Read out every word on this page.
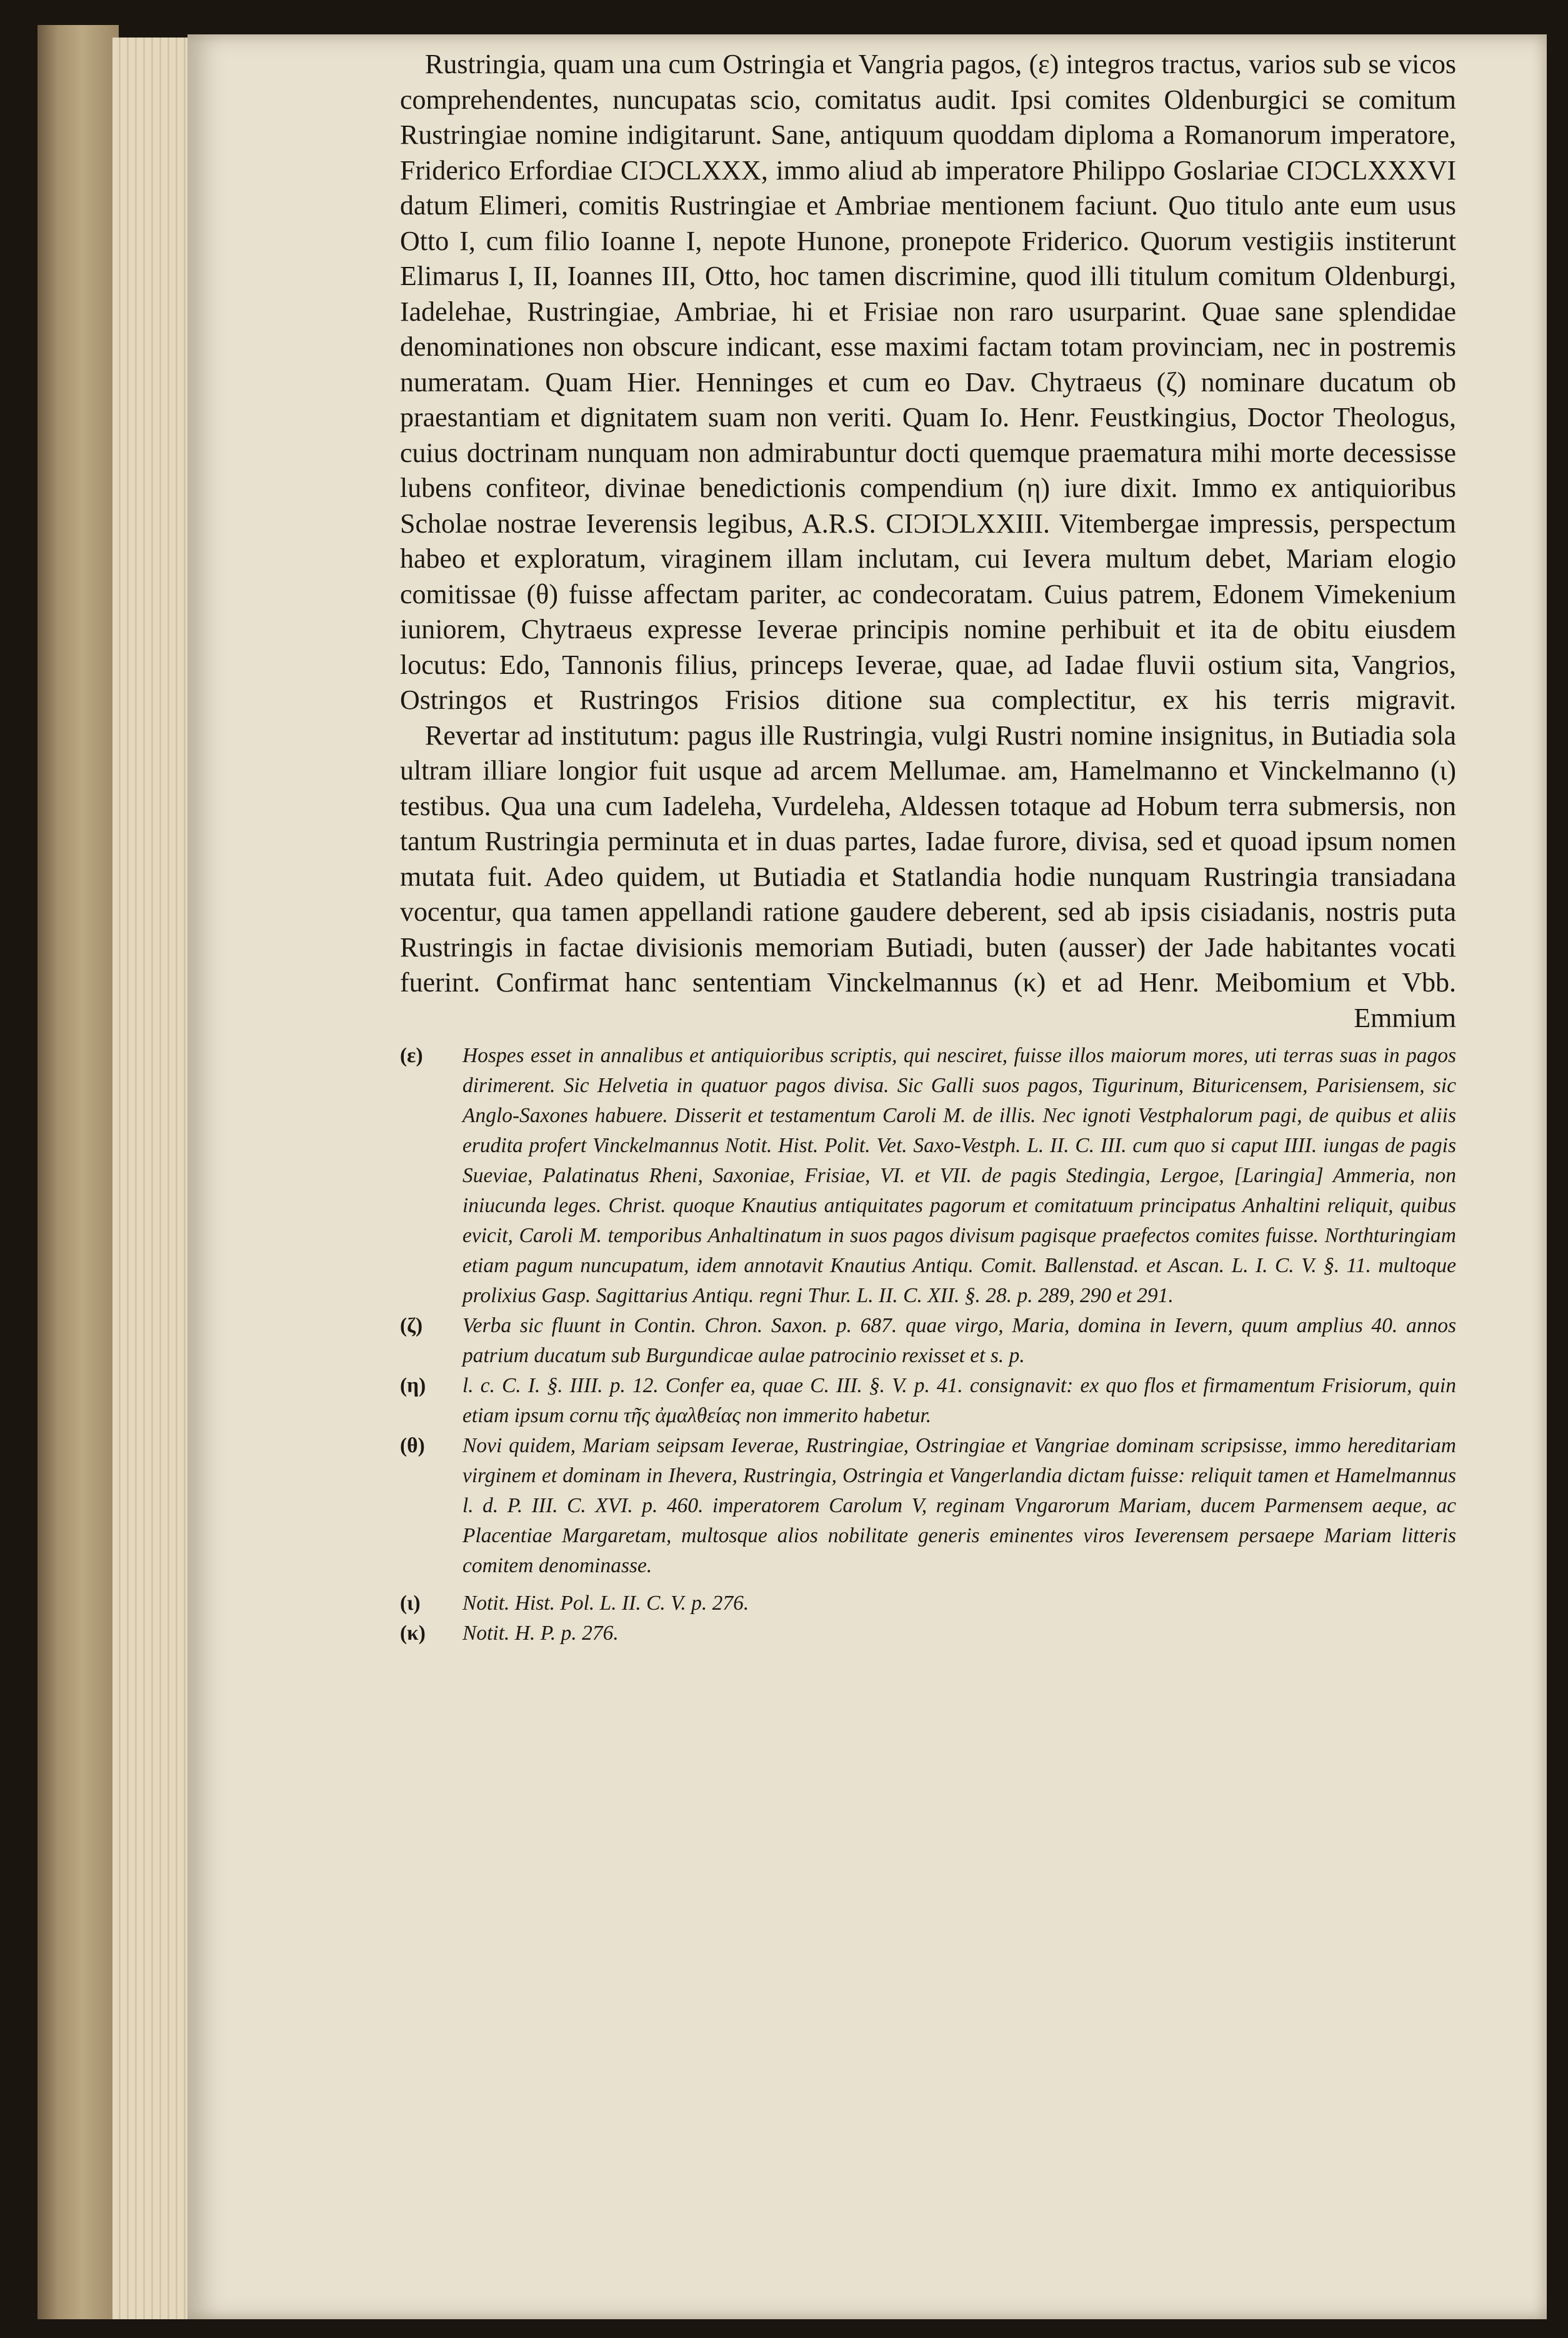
Rustringia, quam una cum Ostringia et Vangria pagos, (ε) integros tractus, varios sub se vicos comprehendentes, nuncupatas scio, comitatus audit. Ipsi comites Oldenburgici se comitum Rustringiae nomine indigitarunt. Sane, antiquum quoddam diploma a Romanorum imperatore, Friderico Erfordiae CIƆCLXXX, immo aliud ab imperatore Philippo Goslariae CIƆCLXXXVI datum Elimeri, comitis Rustringiae et Ambriae mentionem faciunt. Quo titulo ante eum usus Otto I, cum filio Ioanne I, nepote Hunone, pronepote Friderico. Quorum vestigiis institerunt Elimarus I, II, Ioannes III, Otto, hoc tamen discrimine, quod illi titulum comitum Oldenburgi, Iadelehae, Rustringiae, Ambriae, hi et Frisiae non raro usurparint. Quae sane splendidae denominationes non obscure indicant, esse maximi factam totam provinciam, nec in postremis numeratam. Quam Hier. Henninges et cum eo Dav. Chytraeus (ζ) nominare ducatum ob praestantiam et dignitatem suam non veriti. Quam Io. Henr. Feustkingius, Doctor Theologus, cuius doctrinam nunquam non admirabuntur docti quemque praematura mihi morte decessisse lubens confiteor, divinae benedictionis compendium (η) iure dixit. Immo ex antiquioribus Scholae nostrae Ieverensis legibus, A.R.S. CIƆIƆLXXIII. Vitembergae impressis, perspectum habeo et exploratum, viraginem illam inclutam, cui Ievera multum debet, Mariam elogio comitissae (θ) fuisse affectam pariter, ac condecoratam. Cuius patrem, Edonem Vimekenium iuniorem, Chytraeus expresse Ieverae principis nomine perhibuit et ita de obitu eiusdem locutus: Edo, Tannonis filius, princeps Ieverae, quae, ad Iadae fluvii ostium sita, Vangrios, Ostringos et Rustringos Frisios ditione sua complectitur, ex his terris migravit.

Revertar ad institutum: pagus ille Rustringia, vulgi Rustri nomine insignitus, in Butiadia sola ultram illiare longior fuit usque ad arcem Mellumae. am, Hamelmanno et Vinckelmanno (ι) testibus. Qua una cum Iadeleha, Vurdeleha, Aldessen totaque ad Hobum terra submersis, non tantum Rustringia perminuta et in duas partes, Iadae furore, divisa, sed et quoad ipsum nomen mutata fuit. Adeo quidem, ut Butiadia et Statlandia hodie nunquam Rustringia transiadana vocentur, qua tamen appellandi ratione gaudere deberent, sed ab ipsis cisiadanis, nostris puta Rustringis in factae divisionis memoriam Butiadi, buten (ausser) der Jade habitantes vocati fuerint. Confirmat hanc sententiam Vinckelmannus (κ) et ad Henr. Meibomium et Vbb.

Emmium
(ε)	Hospes esset in annalibus et antiquioribus scriptis, qui nesciret, fuisse illos maiorum mores, uti terras suas in pagos dirimerent. Sic Helvetia in quatuor pagos divisa. Sic Galli suos pagos, Tigurinum, Bituricensem, Parisiensem, sic Anglo-Saxones habuere. Disserit et testamentum Caroli M. de illis. Nec ignoti Vestphalorum pagi, de quibus et aliis erudita profert Vinckelmannus Notit. Hist. Polit. Vet. Saxo-Vestph. L. II. C. III. cum quo si caput IIII. iungas de pagis Sueviae, Palatinatus Rheni, Saxoniae, Frisiae, VI. et VII. de pagis Stedingia, Lergoe, [Laringia] Ammeria, non iniucunda leges. Christ. quoque Knautius antiquitates pagorum et comitatuum principatus Anhaltini reliquit, quibus evicit, Caroli M. temporibus Anhaltinatum in suos pagos divisum pagisque praefectos comites fuisse. Northturingiam etiam pagum nuncupatum, idem annotavit Knautius Antiqu. Comit. Ballenstad. et Ascan. L. I. C. V. §. 11. multoque prolixius Gasp. Sagittarius Antiqu. regni Thur. L. II. C. XII. §. 28. p. 289, 290 et 291.
(ζ)	Verba sic fluunt in Contin. Chron. Saxon. p. 687. quae virgo, Maria, domina in Ievern, quum amplius 40. annos patrium ducatum sub Burgundicae aulae patrocinio rexisset et s. p.
(η)	l. c. C. I. §. IIII. p. 12. Confer ea, quae C. III. §. V. p. 41. consignavit: ex quo flos et firmamentum Frisiorum, quin etiam ipsum cornu τῆς ἀμαλθείας non immerito habetur.
(θ)	Novi quidem, Mariam seipsam Ieverae, Rustringiae, Ostringiae et Vangriae dominam scripsisse, immo hereditariam virginem et dominam in Ihevera, Rustringia, Ostringia et Vangerlandia dictam fuisse: reliquit tamen et Hamelmannus l. d. P. III. C. XVI. p. 460. imperatorem Carolum V, reginam Vngarorum Mariam, ducem Parmensem aeque, ac Placentiae Margaretam, multosque alios nobilitate generis eminentes viros Ieverensem persaepe Mariam litteris comitem denominasse.
(ι)	Notit. Hist. Pol. L. II. C. V. p. 276.
(κ)	Notit. H. P. p. 276.
